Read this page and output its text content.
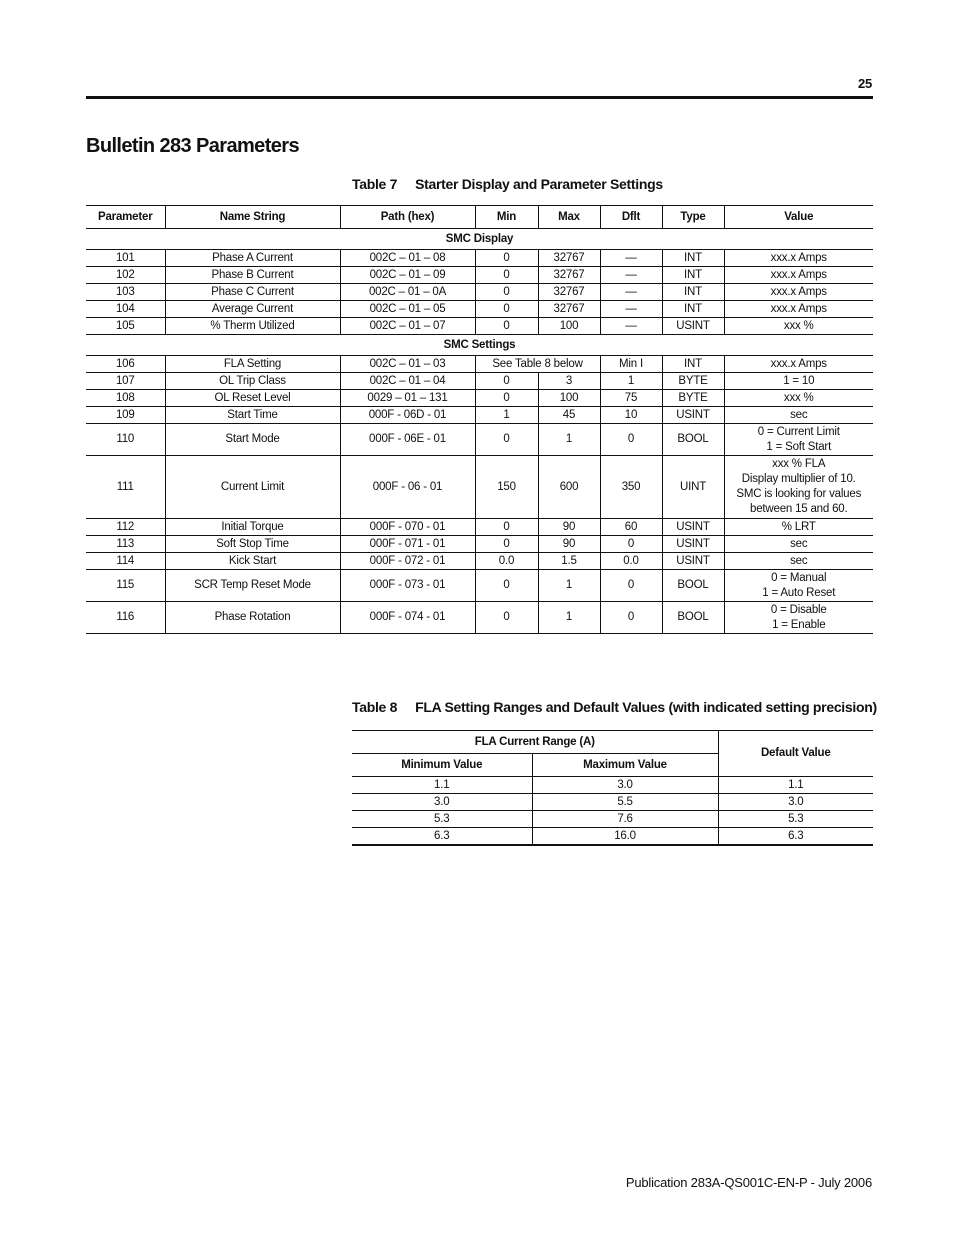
25
Bulletin 283 Parameters
Table 7 Starter Display and Parameter Settings
Parameter	Name String	Path (hex)	Min	Max	Dflt	Type	Value
SMC Display							
101	Phase A Current	002C – 01 – 08	0	32767	—	INT	xxx.x Amps

102	Phase B Current	002C – 01 – 09	0	32767	—	INT	xxx.x Amps

103	Phase C Current	002C – 01 – 0A	0	32767	—	INT	xxx.x Amps

104	Average Current	002C – 01 – 05	0	32767	—	INT	xxx.x Amps

105	% Therm Utilized	002C – 01 – 07	0	100	—	USINT	xxx %

SMC Settings							
106	FLA Setting	002C – 01 – 03	See Table 8 below		Min I	INT	xxx.x Amps

107	OL Trip Class	002C – 01 – 04	0	3	1	BYTE	1 = 10

108	OL Reset Level	0029 – 01 – 131	0	100	75	BYTE	xxx %

109	Start Time	000F - 06D - 01	1	45	10	USINT	sec

110	Start Mode	000F - 06E - 01	0	1	0	BOOL	0 = Current Limit
1 = Soft Start

111	Current Limit	000F - 06 - 01	150	600	350	UINT	xxx % FLA
Display multiplier of 10.
SMC is looking for values
between 15 and 60.

112	Initial Torque	000F - 070 - 01	0	90	60	USINT	% LRT

113	Soft Stop Time	000F - 071 - 01	0	90	0	USINT	sec

114	Kick Start	000F - 072 - 01	0.0	1.5	0.0	USINT	sec

115	SCR Temp Reset Mode	000F - 073 - 01	0	1	0	BOOL	0 = Manual
1 = Auto Reset

116	Phase Rotation	000F - 074 - 01	0	1	0	BOOL	0 = Disable
1 = Enable
Table 8 FLA Setting Ranges and Default Values (with indicated setting precision)
FLA Current Range (A)		Default Value
Minimum Value	Maximum Value	
1.1	3.0	1.1
3.0	5.5	3.0
5.3	7.6	5.3
6.3	16.0	6.3
Publication 283A-QS001C-EN-P - July 2006
